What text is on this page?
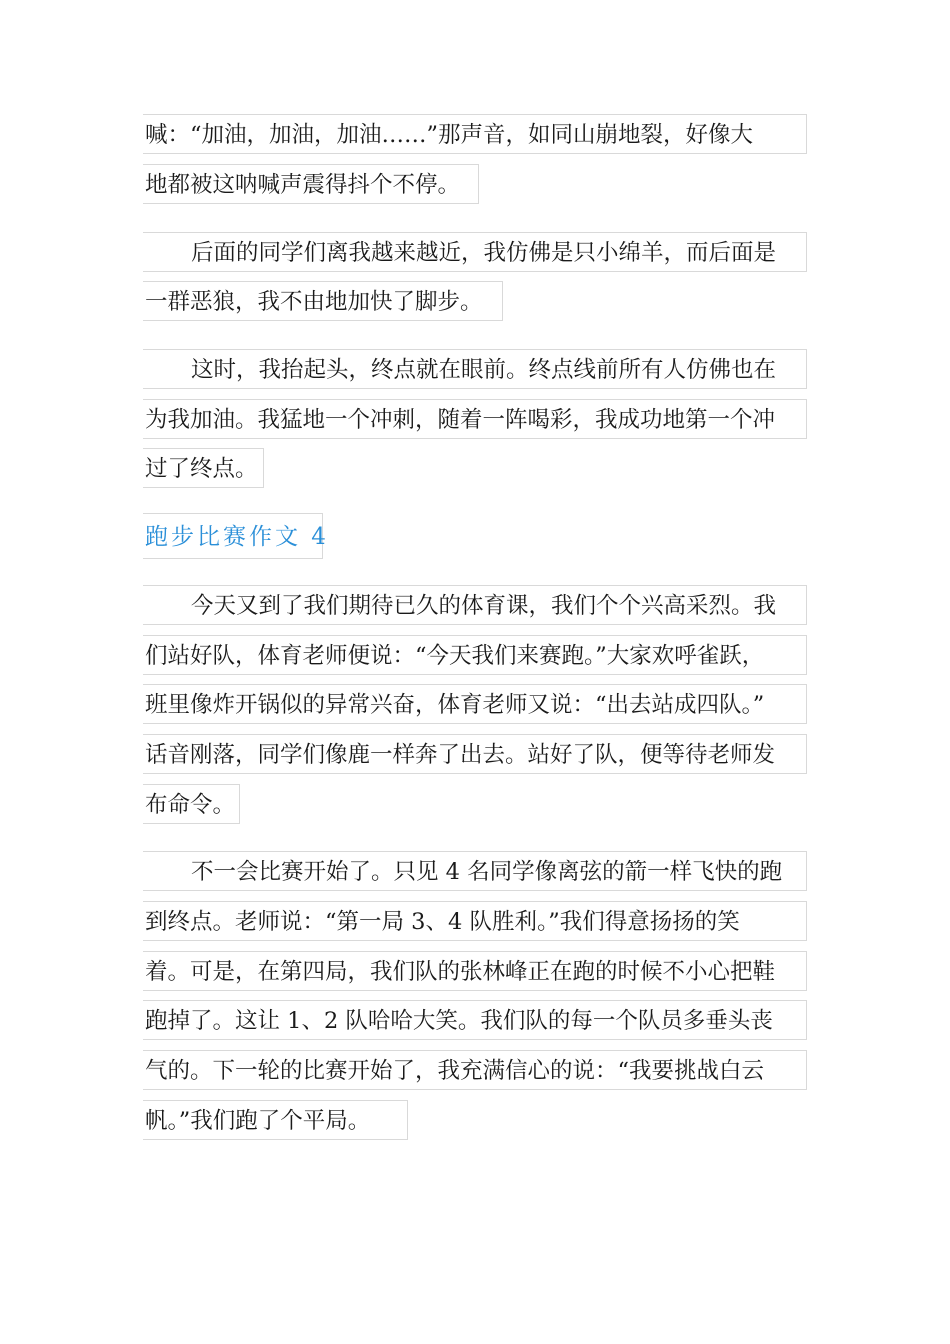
喊：“加油，加油，加油……”那声音，如同山崩地裂，好像大
地都被这呐喊声震得抖个不停。
后面的同学们离我越来越近，我仿佛是只小绵羊，而后面是
一群恶狼，我不由地加快了脚步。
这时，我抬起头，终点就在眼前。终点线前所有人仿佛也在
为我加油。我猛地一个冲刺，随着一阵喝彩，我成功地第一个冲
过了终点。
跑步比赛作文 4
今天又到了我们期待已久的体育课，我们个个兴高采烈。我
们站好队，体育老师便说：“今天我们来赛跑。”大家欢呼雀跃，
班里像炸开锅似的异常兴奋，体育老师又说：“出去站成四队。”
话音刚落，同学们像鹿一样奔了出去。站好了队，便等待老师发
布命令。
不一会比赛开始了。只见 4 名同学像离弦的箭一样飞快的跑
到终点。老师说：“第一局 3、4 队胜利。”我们得意扬扬的笑
着。可是，在第四局，我们队的张林峰正在跑的时候不小心把鞋
跑掉了。这让 1、2 队哈哈大笑。我们队的每一个队员多垂头丧
气的。下一轮的比赛开始了，我充满信心的说：“我要挑战白云
帆。”我们跑了个平局。
